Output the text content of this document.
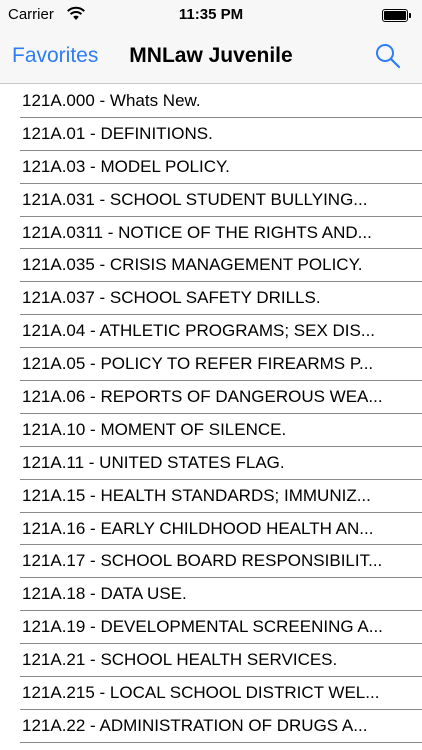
Carrier	11:35 PM
Favorites	MNLaw Juvenile
121A.000 - Whats New.
121A.01 - DEFINITIONS.
121A.03 - MODEL POLICY.
121A.031 - SCHOOL STUDENT BULLYING...
121A.0311 - NOTICE OF THE RIGHTS AND...
121A.035 - CRISIS MANAGEMENT POLICY.
121A.037 - SCHOOL SAFETY DRILLS.
121A.04 - ATHLETIC PROGRAMS; SEX DIS...
121A.05 - POLICY TO REFER FIREARMS P...
121A.06 - REPORTS OF DANGEROUS WEA...
121A.10 - MOMENT OF SILENCE.
121A.11 - UNITED STATES FLAG.
121A.15 - HEALTH STANDARDS; IMMUNIZ...
121A.16 - EARLY CHILDHOOD HEALTH AN...
121A.17 - SCHOOL BOARD RESPONSIBILIT...
121A.18 - DATA USE.
121A.19 - DEVELOPMENTAL SCREENING A...
121A.21 - SCHOOL HEALTH SERVICES.
121A.215 - LOCAL SCHOOL DISTRICT WEL...
121A.22 - ADMINISTRATION OF DRUGS A...
